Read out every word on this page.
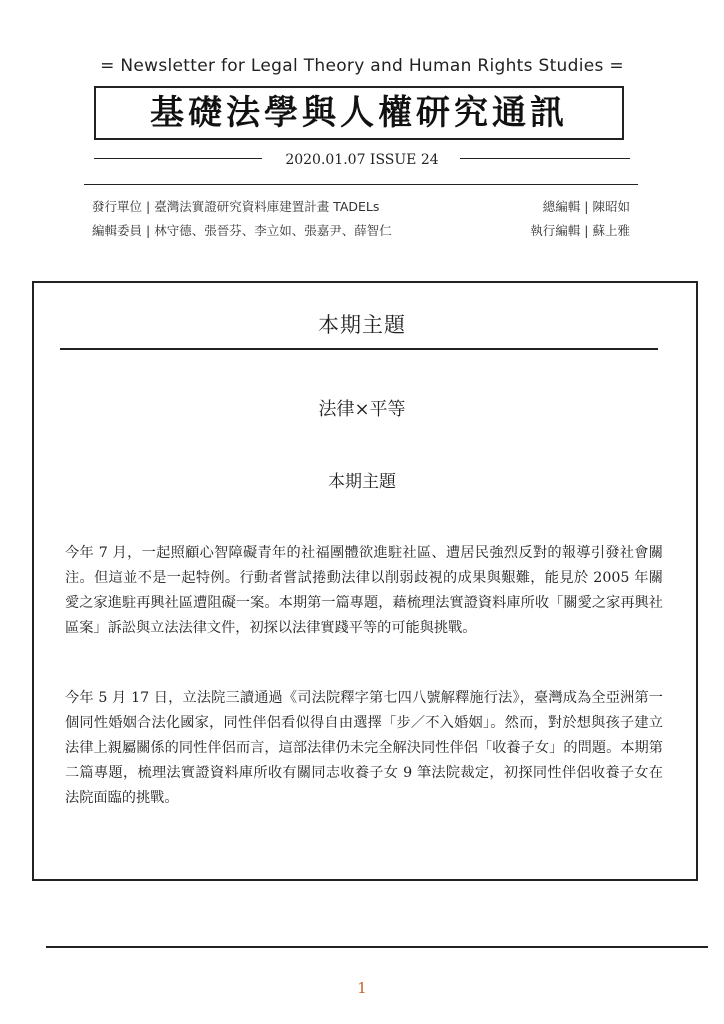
= Newsletter for Legal Theory and Human Rights Studies =
基礎法學與人權研究通訊
2020.01.07 ISSUE 24
發行單位 | 臺灣法實證研究資料庫建置計畫 TADELs
編輯委員 | 林守德、張晉芬、李立如、張嘉尹、薛智仁
總編輯 | 陳昭如
執行編輯 | 蘇上雅
本期主題
法律×平等
本期主題
今年 7 月，一起照顧心智障礙青年的社福團體欲進駐社區、遭居民強烈反對的報導引發社會關注。但這並不是一起特例。行動者嘗試捲動法律以削弱歧視的成果與艱難，能見於 2005 年關愛之家進駐再興社區遭阻礙一案。本期第一篇專題，藉梳理法實證資料庫所收「關愛之家再興社區案」訴訟與立法法律文件，初探以法律實踐平等的可能與挑戰。
今年 5 月 17 日，立法院三讀通過《司法院釋字第七四八號解釋施行法》，臺灣成為全亞洲第一個同性婚姻合法化國家，同性伴侶看似得自由選擇「步／不入婚姻」。然而，對於想與孩子建立法律上親屬關係的同性伴侶而言，這部法律仍未完全解決同性伴侶「收養子女」的問題。本期第二篇專題，梳理法實證資料庫所收有關同志收養子女 9 筆法院裁定，初探同性伴侶收養子女在法院面臨的挑戰。
1
